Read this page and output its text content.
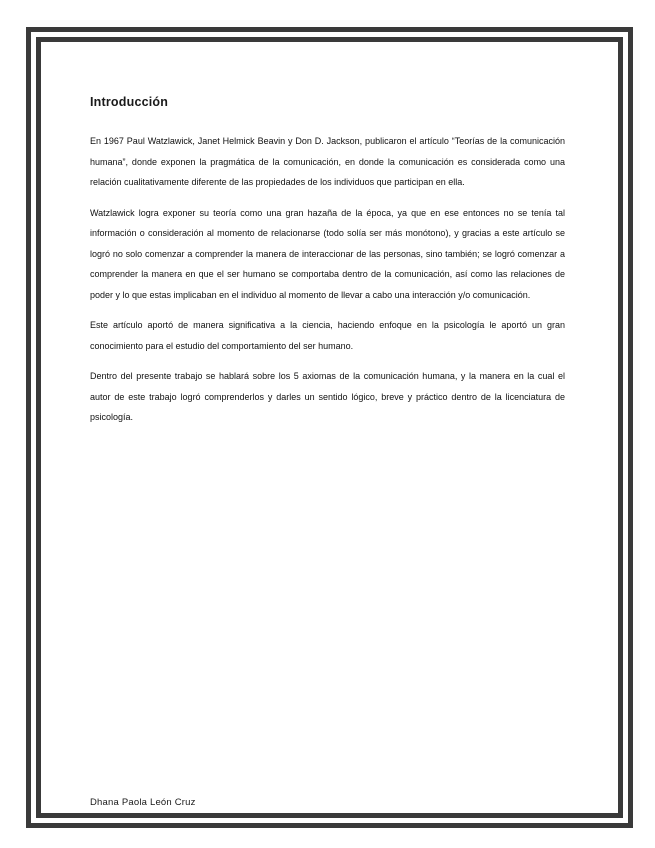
Introducción

En 1967 Paul Watzlawick, Janet Helmick Beavin y Don D. Jackson, publicaron el artículo “Teorías de la comunicación humana”, donde exponen la pragmática de la comunicación, en donde la comunicación es considerada como una relación cualitativamente diferente de las propiedades de los individuos que participan en ella.

Watzlawick logra exponer su teoría como una gran hazaña de la época, ya que en ese entonces no se tenía tal información o consideración al momento de relacionarse (todo solía ser más monótono), y gracias a este artículo se logró no solo comenzar a comprender la manera de interaccionar de las personas, sino también; se logró comenzar a comprender la manera en que el ser humano se comportaba dentro de la comunicación, así como las relaciones de poder y lo que estas implicaban en el individuo al momento de llevar a cabo una interacción y/o comunicación.

Este artículo aportó de manera significativa a la ciencia, haciendo enfoque en la psicología le aportó un gran conocimiento para el estudio del comportamiento del ser humano.

Dentro del presente trabajo se hablará sobre los 5 axiomas de la comunicación humana, y la manera en la cual el autor de este trabajo logró comprenderlos y darles un sentido lógico, breve y práctico dentro de la licenciatura de psicología.

Dhana Paola León Cruz
